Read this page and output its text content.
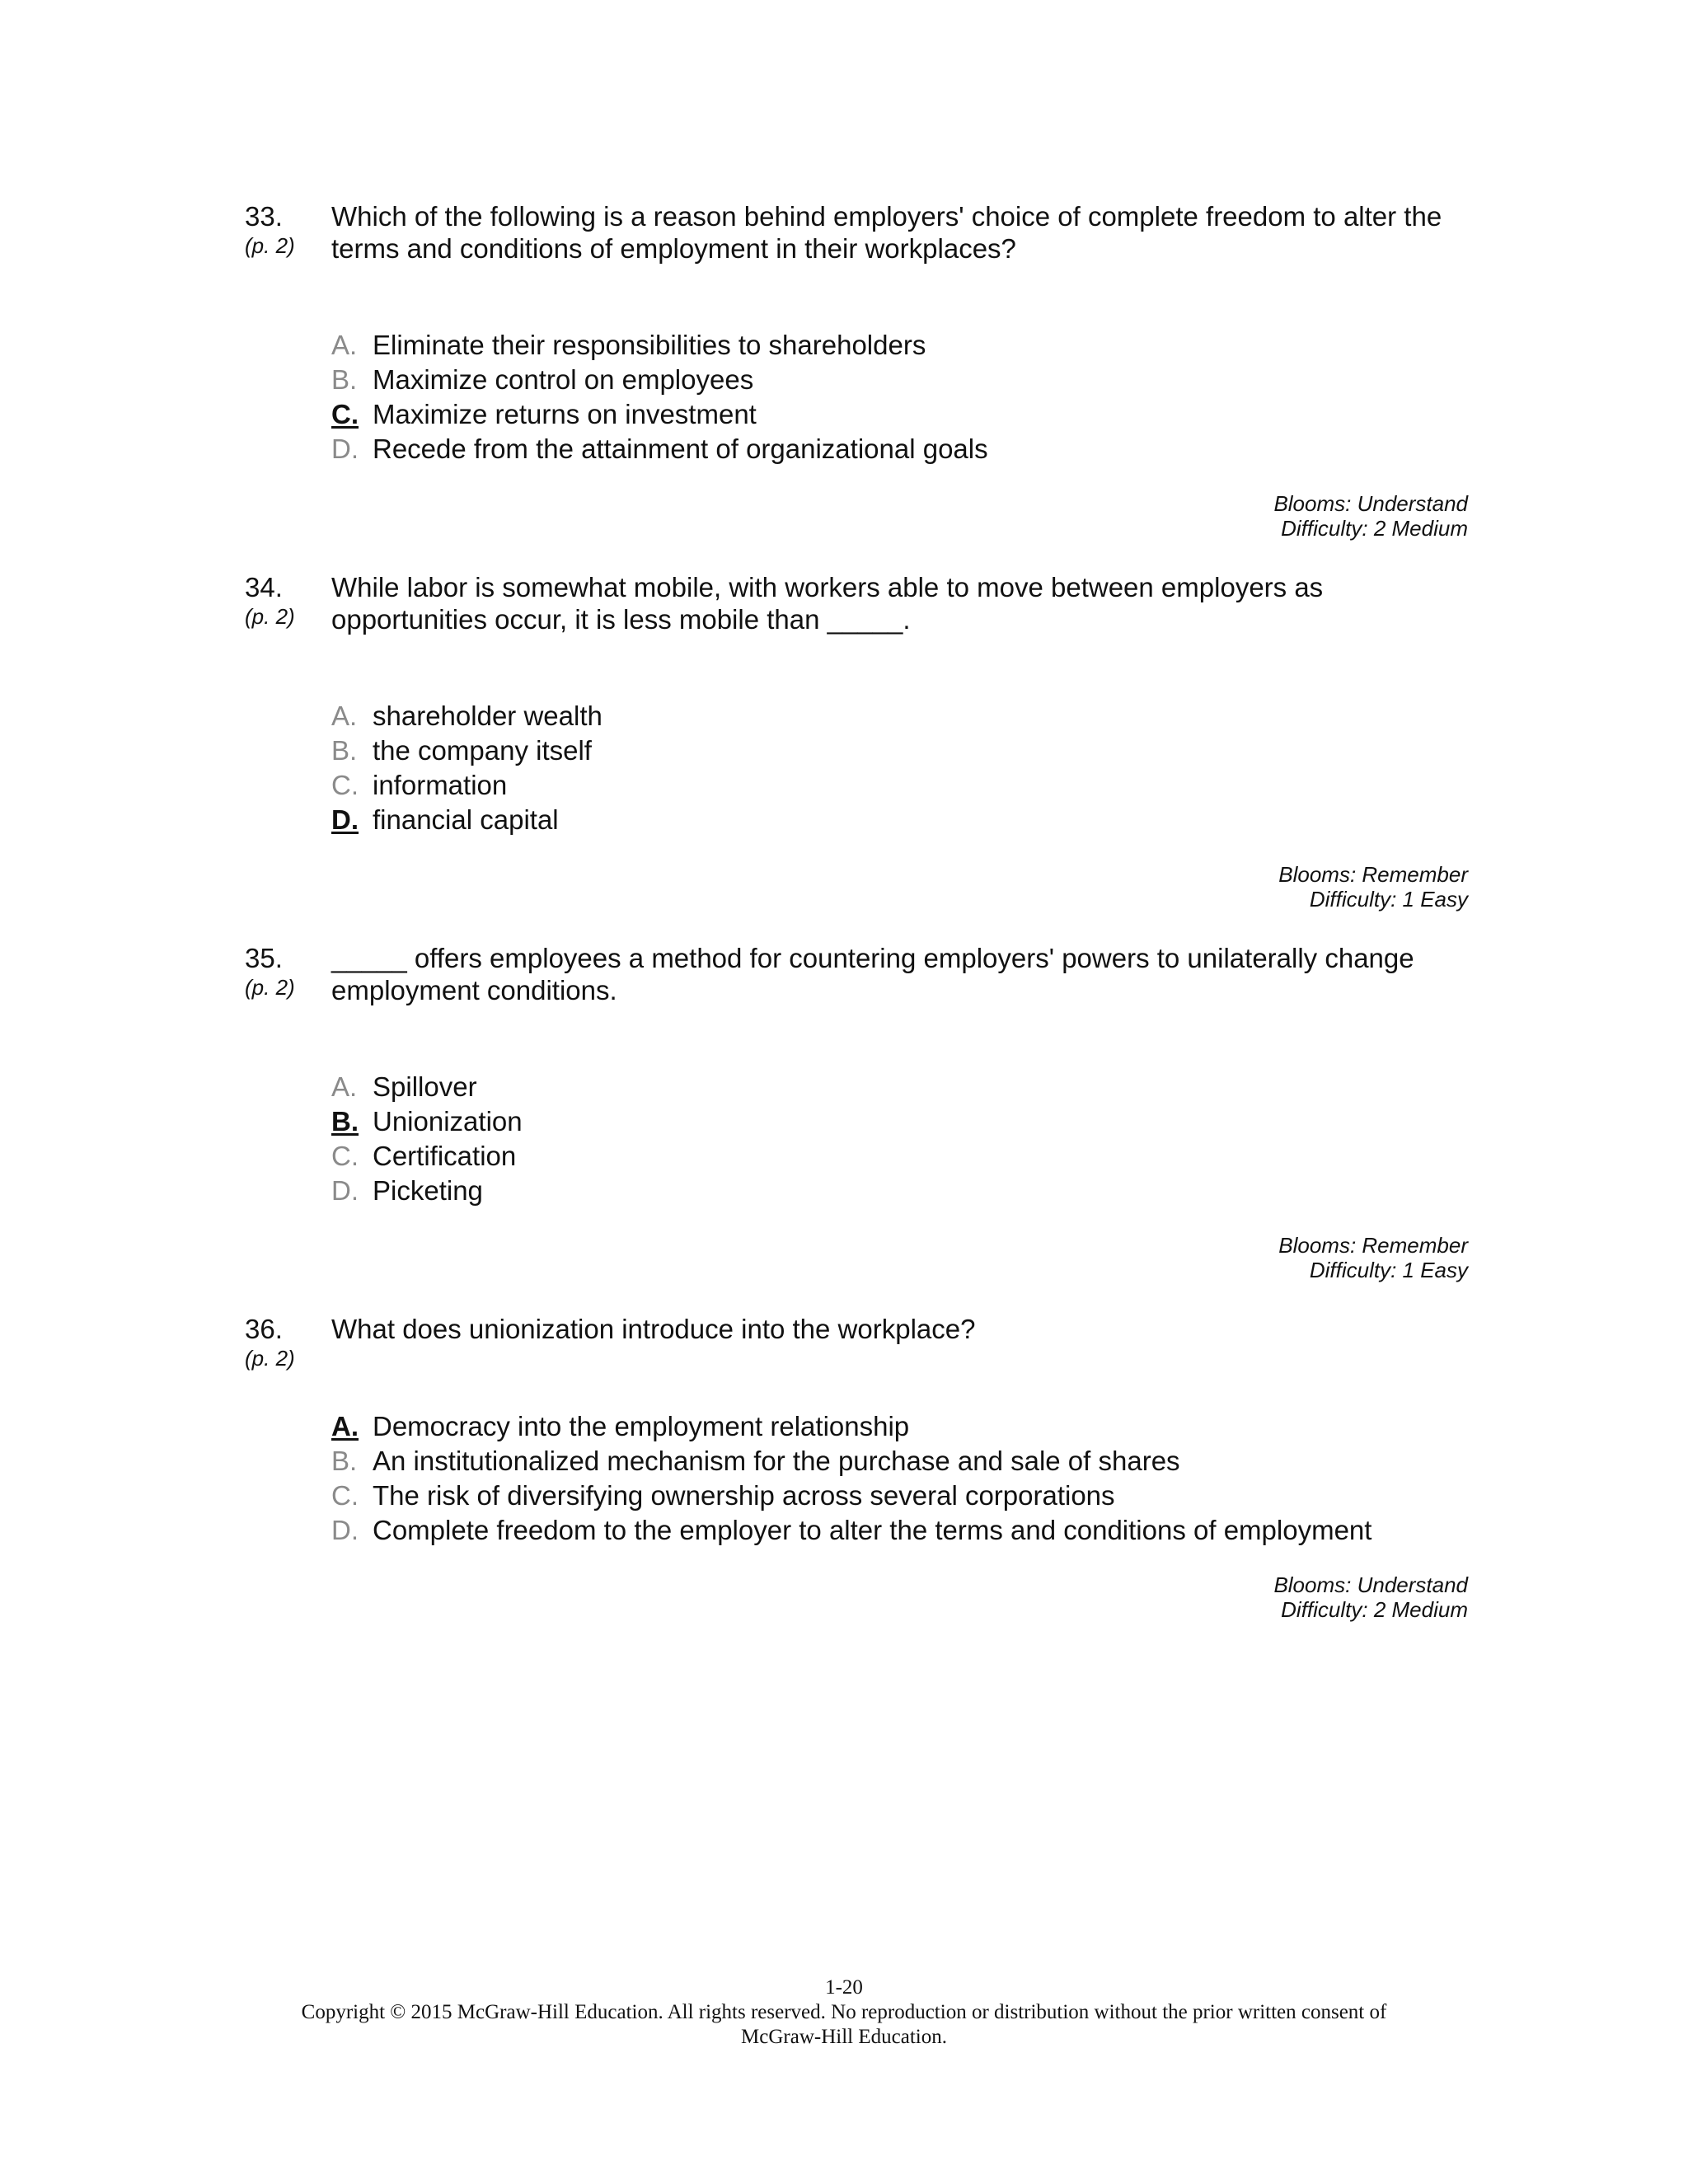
33.
(p. 2)
Which of the following is a reason behind employers' choice of complete freedom to alter the terms and conditions of employment in their workplaces?
A. Eliminate their responsibilities to shareholders
B. Maximize control on employees
C. Maximize returns on investment
D. Recede from the attainment of organizational goals
Blooms: Understand
Difficulty: 2 Medium
34.
(p. 2)
While labor is somewhat mobile, with workers able to move between employers as opportunities occur, it is less mobile than _____.
A. shareholder wealth
B. the company itself
C. information
D. financial capital
Blooms: Remember
Difficulty: 1 Easy
35.
(p. 2)
_____ offers employees a method for countering employers' powers to unilaterally change employment conditions.
A. Spillover
B. Unionization
C. Certification
D. Picketing
Blooms: Remember
Difficulty: 1 Easy
36.
(p. 2)
What does unionization introduce into the workplace?
A. Democracy into the employment relationship
B. An institutionalized mechanism for the purchase and sale of shares
C. The risk of diversifying ownership across several corporations
D. Complete freedom to the employer to alter the terms and conditions of employment
Blooms: Understand
Difficulty: 2 Medium
1-20
Copyright © 2015 McGraw-Hill Education. All rights reserved. No reproduction or distribution without the prior written consent of
McGraw-Hill Education.
